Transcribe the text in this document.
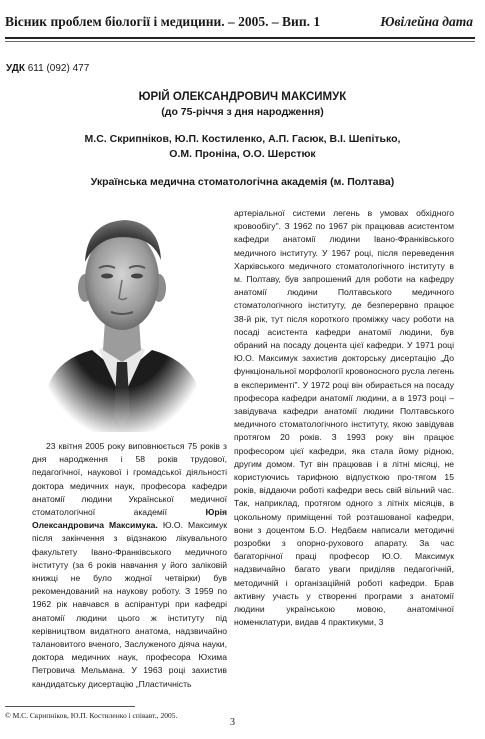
Вісник проблем біології і медицини. – 2005. – Вип. 1	Ювілейна дата
УДК 611 (092) 477
ЮРІЙ ОЛЕКСАНДРОВИЧ МАКСИМУК
(до 75-річчя з дня народження)
М.С. Скрипніков, Ю.П. Костиленко, А.П. Гасюк, В.І. Шепітько,
О.М. Проніна, О.О. Шерстюк
Українська медична стоматологічна академія (м. Полтава)

23 квітня 2005 року виповнюється 75 років з дня народження і 58 років трудової, педагогічної, наукової і громадської діяльності доктора медичних наук, професора кафедри анатомії людини Української медичної стоматологічної академії	Юрія Олександровича Максимука. Ю.О. Максимук після закінчення з відзнакою лікувального факультету Івано-Франківського медичного інституту (за 6 років навчання у його заліковій книжці не було жодної четвірки) був рекомендований на наукову роботу. З 1959 по 1962 рік навчався в аспірантурі при кафедрі анатомії людини цього ж інституту під керівництвом видатного анатома, надзвичайно талановитого вченого, Заслуженого діяча науки, доктора медичних наук, професора Юхима Петровича Мельмана. У 1963 році захистив кандидатську дисертацію „Пластичність

артеріальної системи легень в умовах обхідного кровообігу". З 1962 по 1967 рік працював асистентом кафедри анатомії людини Івано-Франківського медичного інституту. У 1967 році, після переведення Харківського медичного стоматологічного інституту в м. Полтаву, був запрошений для роботи на кафедру анатомії людини Полтавського медичного стоматологічного інституту, де безперервно працює 38-й рік, тут після короткого проміжку часу роботи на посаді асистента кафедри анатомії людини, був обраний на посаду доцента цієї кафедри. У 1971 році Ю.О. Максимук захистив докторську дисертацію „До функціональної морфології кровоносного русла легень в експерименті". У 1972 році він обирається на посаду професора кафедри анатомії людини, а в 1973 році – завідувача кафедри анатомії людини Полтавського медичного стоматологічного інституту, якою завідував протягом 20 років. З 1993 року він працює професором цієї кафедри, яка стала йому рідною, другим домом. Тут він працював і в літні місяці, не користуючись тарифною відпусткою про-тягом 15 років, віддаючи роботі кафедри весь свій вільний час. Так, наприклад, протягом одного з літніх місяців, в цокольному приміщенні той розташованої кафедри, вони з доцентом Б.О. Недбаєм написали методичні розробки з опорно-рухового апарату. За час багаторічної праці професор Ю.О. Максимук надзвичайно багато уваги приділяв педагогічній, методичній і організаційній роботі кафедри. Брав активну участь у створенні програми з анатомії людини українською мовою, анатомічної номенклатури, видав 4 практикуми, 3

© М.С. Скрипніков, Ю.П. Костиленко і співавт., 2005.
3
